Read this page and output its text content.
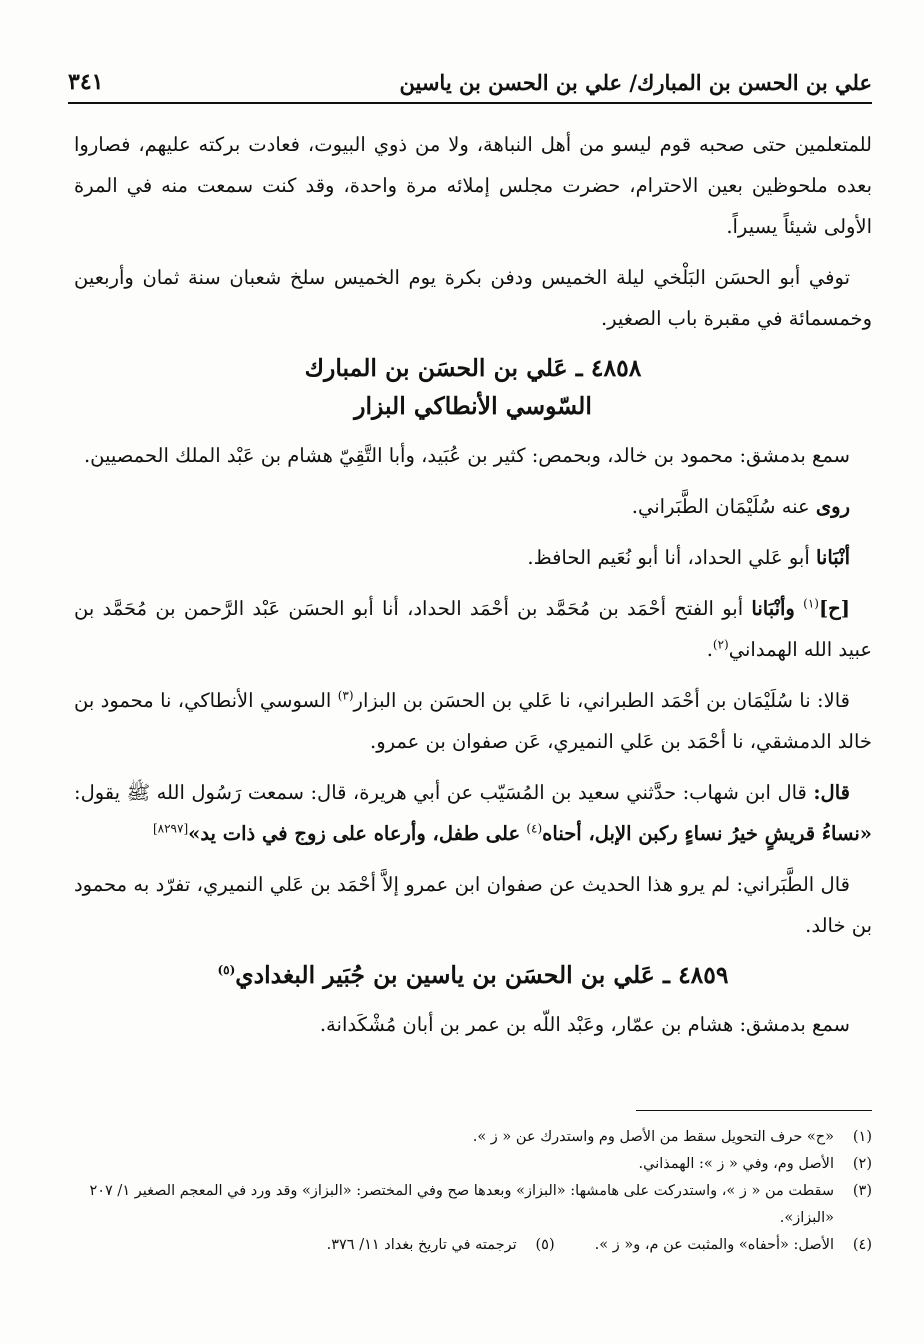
علي بن الحسن بن المبارك/ علي بن الحسن بن ياسين
٣٤١

للمتعلمين حتى صحبه قوم ليسو من أهل النباهة، ولا من ذوي البيوت، فعادت بركته عليهم، فصاروا بعده ملحوظين بعين الاحترام، حضرت مجلس إملائه مرة واحدة، وقد كنت سمعت منه في المرة الأولى شيئاً يسيراً.

توفي أبو الحسَن البَلْخي ليلة الخميس ودفن بكرة يوم الخميس سلخ شعبان سنة ثمان وأربعين وخمسمائة في مقبرة باب الصغير.

٤٨٥٨ ـ عَلي بن الحسَن بن المبارك
السّوسي الأنطاكي البزار

سمع بدمشق: محمود بن خالد، وبحمص: كثير بن عُبَيد، وأبا التَّقِيّ هشام بن عَبْد الملك الحمصيين.

روى عنه سُلَيْمَان الطَّبَراني.

أنْبَانا أبو عَلي الحداد، أنا أبو نُعَيم الحافظ.

[ح]$^{(١)}$ وأنْبَانا أبو الفتح أحْمَد بن مُحَمَّد بن أحْمَد الحداد، أنا أبو الحسَن عَبْد الرَّحمن بن مُحَمَّد بن عبيد الله الهمداني$^{(٢)}$.

قالا: نا سُلَيْمَان بن أحْمَد الطبراني، نا عَلي بن الحسَن بن البزار$^{(٣)}$ السوسي الأنطاكي، نا محمود بن خالد الدمشقي، نا أحْمَد بن عَلي النميري، عَن صفوان بن عمرو.

قال: قال ابن شهاب: حدَّثني سعيد بن المُسَيّب عن أبي هريرة، قال: سمعت رَسُول الله ﷺ يقول: «نساءُ قريشٍ خيرُ نساءٍ ركبن الإبل، أحناه$^{(٤)}$ على طفل، وأرعاه على زوج في ذات يد»[٨٢٩٧]

قال الطَّبَراني: لم يرو هذا الحديث عن صفوان ابن عمرو إلاَّ أحْمَد بن عَلي النميري، تفرّد به محمود بن خالد.

٤٨٥٩ ـ عَلي بن الحسَن بن ياسين بن جُبَير البغدادي$^{(٥)}$

سمع بدمشق: هشام بن عمّار، وعَبْد اللّه بن عمر بن أبان مُشْكَدانة.

(١)
«ح» حرف التحويل سقط من الأصل وم واستدرك عن « ز ».
(٢)
الأصل وم، وفي « ز »: الهمذاني.
(٣)
سقطت من « ز »، واستدركت على هامشها: «البزاز» وبعدها صح وفي المختصر: «البزاز» وقد ورد في المعجم الصغير ١/ ٢٠٧ «البزاز».
(٤)
الأصل: «أحفاه» والمثبت عن م، و« ز ».
(٥)
ترجمته في تاريخ بغداد ١١/ ٣٧٦.
